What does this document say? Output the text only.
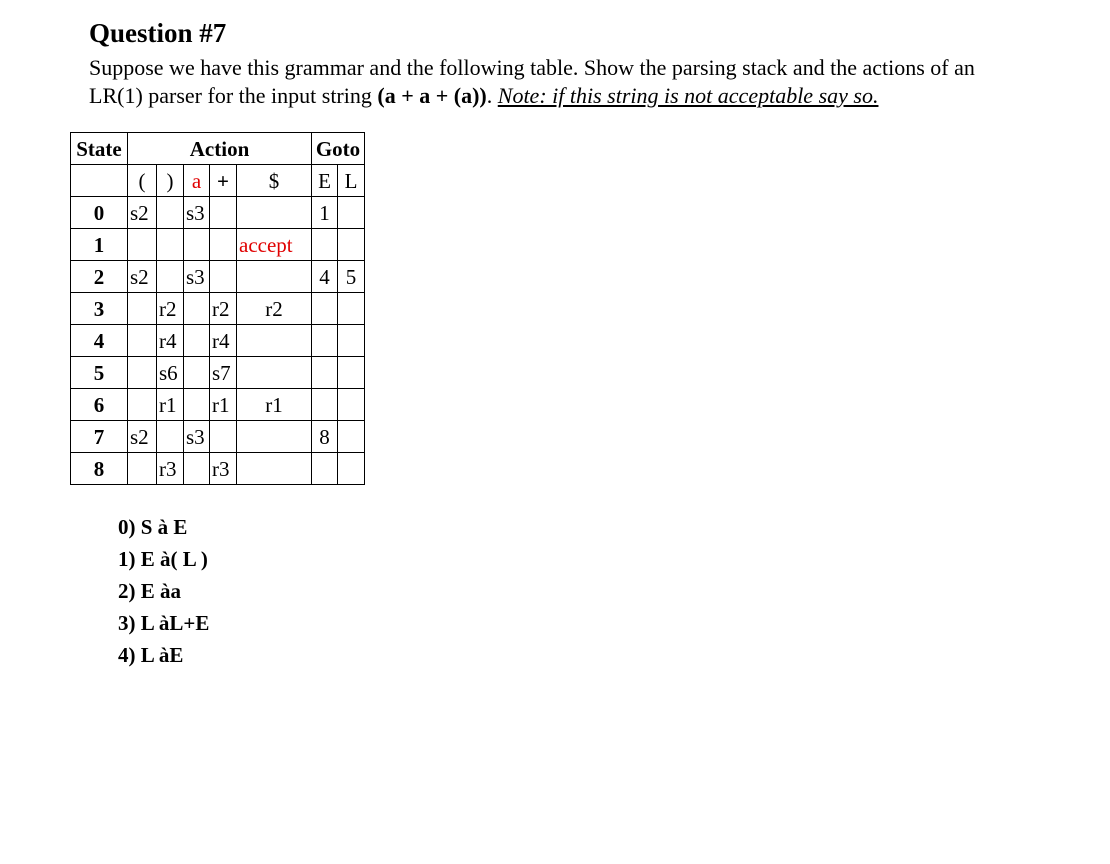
Question #7
Suppose we have this grammar and the following table. Show the parsing stack and the actions of an
LR(1) parser for the input string (a + a + (a)). Note: if this string is not acceptable say so.
State	Action					Goto	
	(	)	a	+	$	E	L
0	s2		s3			1	
1					accept		
2	s2		s3			4	5
3		r2		r2	r2		
4		r4		r4			
5		s6		s7			
6		r1		r1	r1		
7	s2		s3			8	
8		r3		r3			
0) S à E
1) E à( L )
2) E àa
3) L àL+E
4) L àE
